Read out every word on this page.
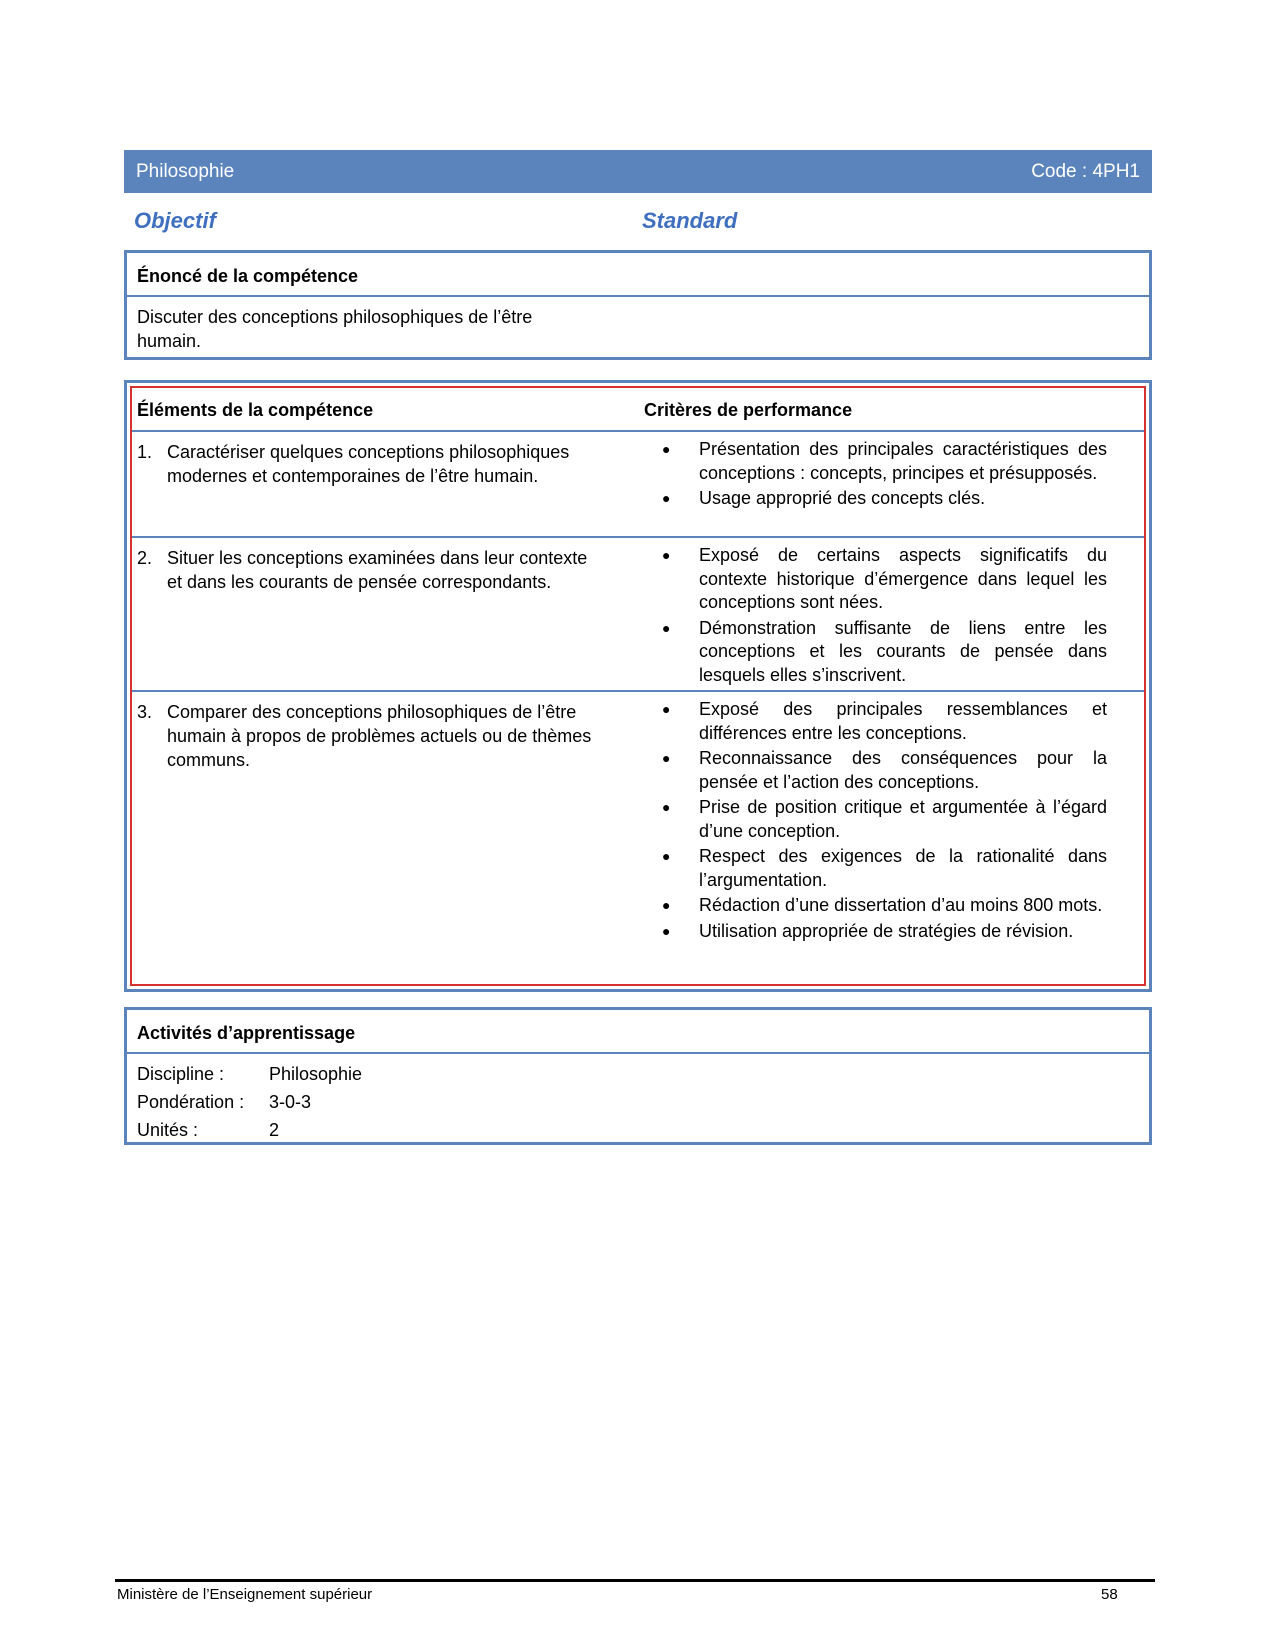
Philosophie	Code : 4PH1
Objectif	Standard
Énoncé de la compétence
Discuter des conceptions philosophiques de l’être
humain.
Éléments de la compétence	Critères de performance
1. Caractériser quelques conceptions philosophiques modernes et contemporaines de l’être humain.
●	Présentation des principales caractéristiques des conceptions : concepts, principes et présupposés.
●	Usage approprié des concepts clés.
2. Situer les conceptions examinées dans leur contexte et dans les courants de pensée correspondants.
●	Exposé de certains aspects significatifs du contexte historique d’émergence dans lequel les conceptions sont nées.
●	Démonstration suffisante de liens entre les conceptions et les courants de pensée dans lesquels elles s’inscrivent.
3. Comparer des conceptions philosophiques de l’être humain à propos de problèmes actuels ou de thèmes communs.
●	Exposé des principales ressemblances et différences entre les conceptions.
●	Reconnaissance des conséquences pour la pensée et l’action des conceptions.
●	Prise de position critique et argumentée à l’égard d’une conception.
●	Respect des exigences de la rationalité dans l’argumentation.
●	Rédaction d’une dissertation d’au moins 800 mots.
●	Utilisation appropriée de stratégies de révision.
Activités d’apprentissage
Discipline : Philosophie
Pondération : 3-0-3
Unités :	2
Ministère de l’Enseignement supérieur	58
